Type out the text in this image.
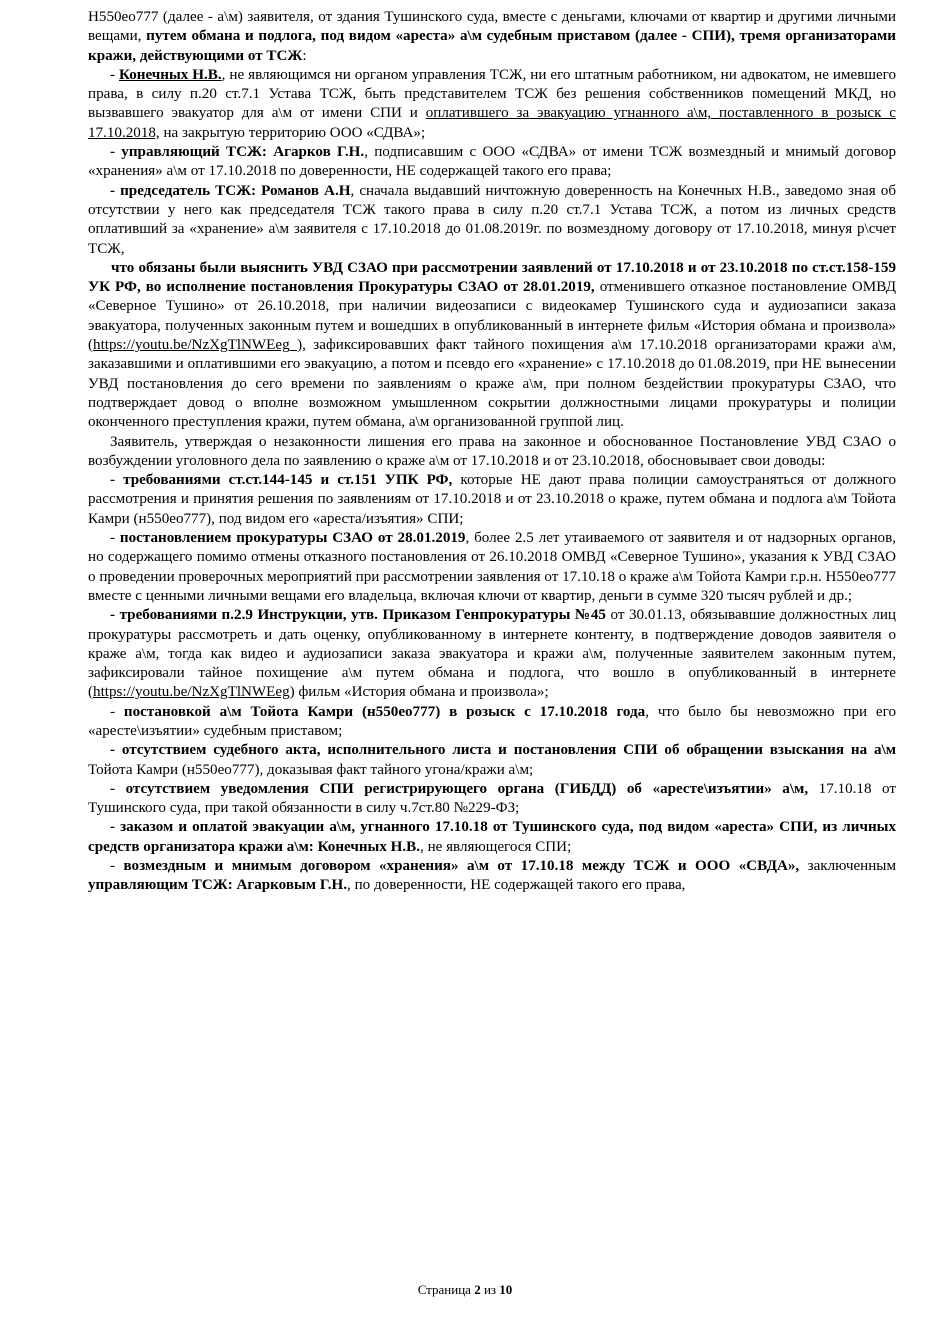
Н550ео777 (далее - а\м) заявителя, от здания Тушинского суда, вместе с деньгами, ключами от квартир и другими личными вещами, путем обмана и подлога, под видом «ареста» а\м судебным приставом (далее - СПИ), тремя организаторами кражи, действующими от ТСЖ:

- Конечных Н.В., не являющимся ни органом управления ТСЖ, ни его штатным работником, ни адвокатом, не имевшего права, в силу п.20 ст.7.1 Устава ТСЖ, быть представителем ТСЖ без решения собственников помещений МКД, но вызвавшего эвакуатор для а\м от имени СПИ и оплатившего за эвакуацию угнанного а\м, поставленного в розыск с 17.10.2018, на закрытую территорию ООО «СДВА»;

- управляющий ТСЖ: Агарков Г.Н., подписавшим с ООО «СДВА» от имени ТСЖ возмездный и мнимый договор «хранения» а\м от 17.10.2018 по доверенности, НЕ содержащей такого его права;

- председатель ТСЖ: Романов А.Н, сначала выдавший ничтожную доверенность на Конечных Н.В., заведомо зная об отсутствии у него как председателя ТСЖ такого права в силу п.20 ст.7.1 Устава ТСЖ, а потом из личных средств оплативший за «хранение» а\м заявителя с 17.10.2018 до 01.08.2019г. по возмездному договору от 17.10.2018, минуя р\счет ТСЖ,

что обязаны были выяснить УВД СЗАО при рассмотрении заявлений от 17.10.2018 и от 23.10.2018 по ст.ст.158-159 УК РФ, во исполнение постановления Прокуратуры СЗАО от 28.01.2019, отменившего отказное постановление ОМВД «Северное Тушино» от 26.10.2018, при наличии видеозаписи с видеокамер Тушинского суда и аудиозаписи заказа эвакуатора, полученных законным путем и вошедших в опубликованный в интернете фильм «История обмана и произвола» (https://youtu.be/NzXgTlNWEeg ), зафиксировавших факт тайного похищения а\м 17.10.2018 организаторами кражи а\м, заказавшими и оплатившими его эвакуацию, а потом и псевдо его «хранение» с 17.10.2018 до 01.08.2019, при НЕ вынесении УВД постановления до сего времени по заявлениям о краже а\м, при полном бездействии прокуратуры СЗАО, что подтверждает довод о вполне возможном умышленном сокрытии должностными лицами прокуратуры и полиции оконченного преступления кражи, путем обмана, а\м организованной группой лиц.

Заявитель, утверждая о незаконности лишения его права на законное и обоснованное Постановление УВД СЗАО о возбуждении уголовного дела по заявлению о краже а\м от 17.10.2018 и от 23.10.2018, обосновывает свои доводы:

- требованиями ст.ст.144-145 и ст.151 УПК РФ, которые НЕ дают права полиции самоустраняться от должного рассмотрения и принятия решения по заявлениям от 17.10.2018 и от 23.10.2018 о краже, путем обмана и подлога а\м Тойота Камри (н550ео777), под видом его «ареста/изъятия» СПИ;

- постановлением прокуратуры СЗАО от 28.01.2019, более 2.5 лет утаиваемого от заявителя и от надзорных органов, но содержащего помимо отмены отказного постановления от 26.10.2018 ОМВД «Северное Тушино», указания к УВД СЗАО о проведении проверочных мероприятий при рассмотрении заявления от 17.10.18 о краже а\м Тойота Камри г.р.н. Н550ео777 вместе с ценными личными вещами его владельца, включая ключи от квартир, деньги в сумме 320 тысяч рублей и др.;

- требованиями п.2.9 Инструкции, утв. Приказом Генпрокуратуры №45 от 30.01.13, обязывавшие должностных лиц прокуратуры рассмотреть и дать оценку, опубликованному в интернете контенту, в подтверждение доводов заявителя о краже а\м, тогда как видео и аудиозаписи заказа эвакуатора и кражи а\м, полученные заявителем законным путем, зафиксировали тайное похищение а\м путем обмана и подлога, что вошло в опубликованный в интернете (https://youtu.be/NzXgTlNWEeg) фильм «История обмана и произвола»;

- постановкой а\м Тойота Камри (н550ео777) в розыск с 17.10.2018 года, что было бы невозможно при его «аресте\изъятии» судебным приставом;

- отсутствием судебного акта, исполнительного листа и постановления СПИ об обращении взыскания на а\м Тойота Камри (н550ео777), доказывая факт тайного угона/кражи а\м;

- отсутствием уведомления СПИ регистрирующего органа (ГИБДД) об «аресте\изъятии» а\м, 17.10.18 от Тушинского суда, при такой обязанности в силу ч.7ст.80 №229-ФЗ;

- заказом и оплатой эвакуации а\м, угнанного 17.10.18 от Тушинского суда, под видом «ареста» СПИ, из личных средств организатора кражи а\м: Конечных Н.В., не являющегося СПИ;

- возмездным и мнимым договором «хранения» а\м от 17.10.18 между ТСЖ и ООО «СВДА», заключенным управляющим ТСЖ: Агарковым Г.Н., по доверенности, НЕ содержащей такого его права,

Страница 2 из 10
